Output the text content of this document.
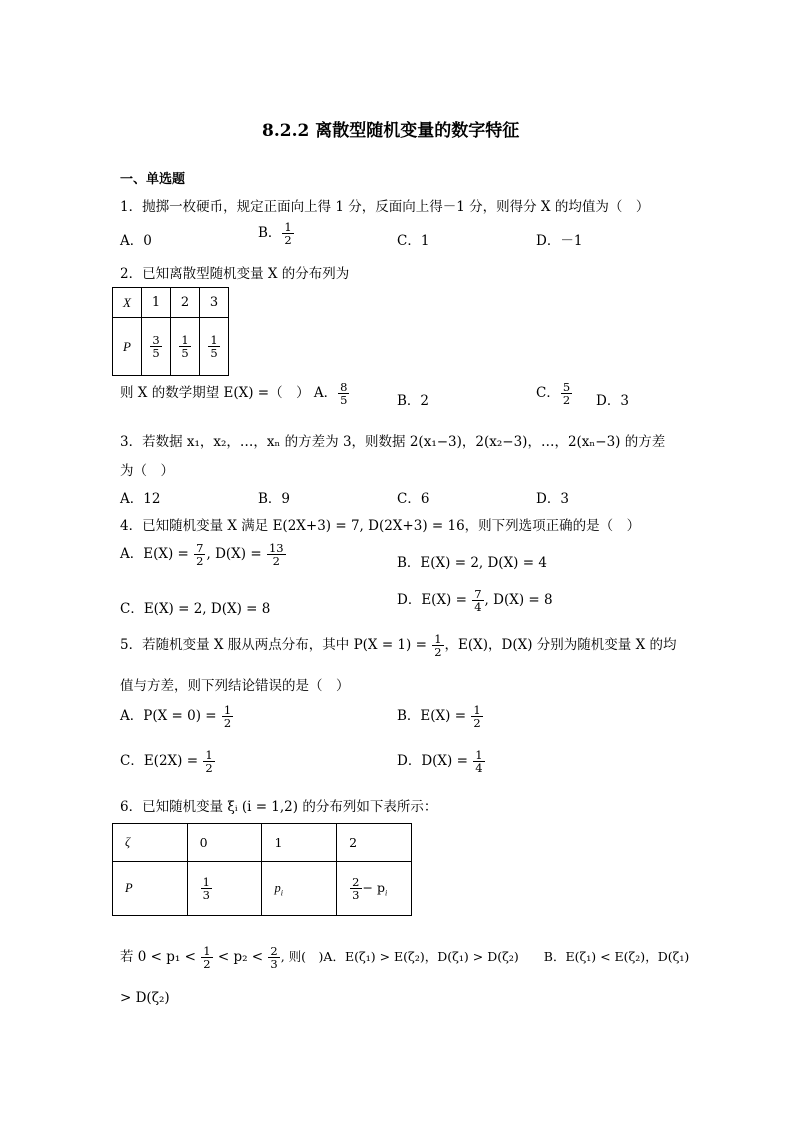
8.2.2 离散型随机变量的数字特征
一、单选题
1．抛掷一枚硬币，规定正面向上得 1 分，反面向上得－1 分，则得分 X 的均值为（　）
A．0	B． $\frac{1}{2}$	C．1	D．－1
2．已知离散型随机变量 X 的分布列为
X	1	2	3
P	$\frac{3}{5}$	$\frac{1}{5}$	$\frac{1}{5}$
则 X 的数学期望 E(X) =（　） A． $\frac{8}{5}$	B．2	C． $\frac{5}{2}$ D．3
3．若数据 x₁，x₂，…，xₙ 的方差为 3，则数据 2(x₁−3)，2(x₂−3)，…，2(xₙ−3) 的方差
为（　）
A．12	B．9	C．6	D．3
4．已知随机变量 X 满足 E(2X+3) = 7, D(2X+3) = 16，则下列选项正确的是（　）
A．$E(X) = \frac{7}{2}$ , $D(X) = \frac{13}{2}$	B．E(X) = 2, D(X) = 4
C．E(X) = 2, D(X) = 8
D．$E(X) = \frac{7}{4}$ , D(X) = 8
5．若随机变量 X 服从两点分布，其中 $P(X = 1) = \frac{1}{2}$ ，E(X)，D(X) 分别为随机变量 X 的均
值与方差，则下列结论错误的是（　）
A．$P(X = 0) = \frac{1}{2}$	B．$E(X) = \frac{1}{2}$
C．$E(2X) = \frac{1}{2}$	D．$D(X) = \frac{1}{4}$
6．已知随机变量 ξᵢ (i = 1,2) 的分布列如下表所示：
ζ	0	1	2
P	$\frac{1}{3}$	$p_i$	$\frac{2}{3} - p_i$
若 $0 < p_1 < \frac{1}{2} < p_2 < \frac{2}{3}$ , 则(　)A．E(ζ₁) > E(ζ₂)，D(ζ₁) > D(ζ₂)　　B．E(ζ₁) < E(ζ₂)，D(ζ₁)
> D(ζ₂)
